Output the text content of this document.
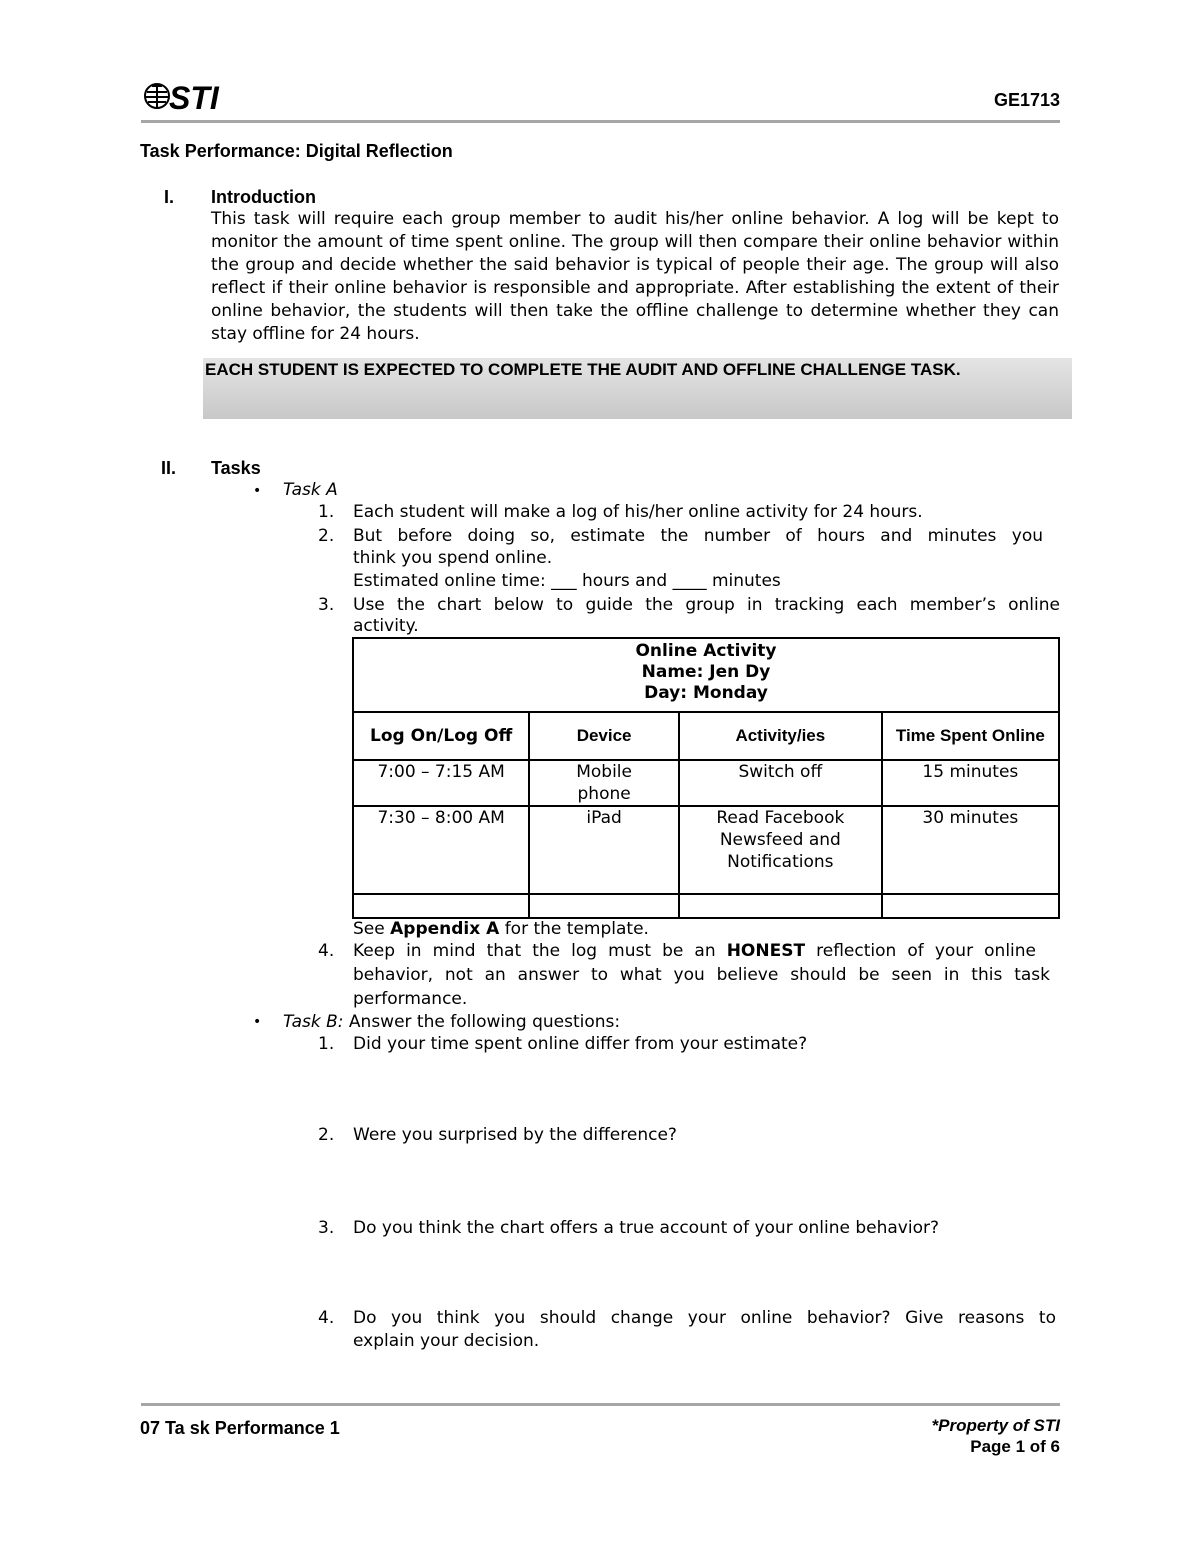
STI	GE1713
Task Performance: Digital Reflection
I. Introduction

This task will require each group member to audit his/her online behavior. A log will be kept to monitor the amount of time spent online. The group will then compare their online behavior within the group and decide whether the said behavior is typical of people their age. The group will also reflect if their online behavior is responsible and appropriate. After establishing the extent of their online behavior, the students will then take the offline challenge to determine whether they can stay offline for 24 hours.

EACH STUDENT IS EXPECTED TO COMPLETE THE AUDIT AND OFFLINE CHALLENGE TASK.
II. Tasks
• Task A
1. Each student will make a log of his/her online activity for 24 hours.
2. But before doing so, estimate the number of hours and minutes you
think you spend online.
Estimated online time: ___ hours and ____ minutes
3. Use the chart below to guide the group in tracking each member’s online
activity.
Online Activity
Name: Jen Dy
Day: Monday			

Log On/Log Off	Device	Activity/ies	Time Spent Online
7:00 – 7:15 AM	Mobile phone	Switch off	15 minutes
7:30 – 8:00 AM	iPad	Read Facebook Newsfeed and Notifications	30 minutes

See Appendix A for the template.
4. Keep in mind that the log must be an HONEST reflection of your online
behavior, not an answer to what you believe should be seen in this task
performance.
• Task B: Answer the following questions:
1. Did your time spent online differ from your estimate?
2. Were you surprised by the difference?
3. Do you think the chart offers a true account of your online behavior?
4. Do you think you should change your online behavior? Give reasons to
explain your decision.
07 Ta sk Performance 1	*Property of STI
Page 1 of 6
